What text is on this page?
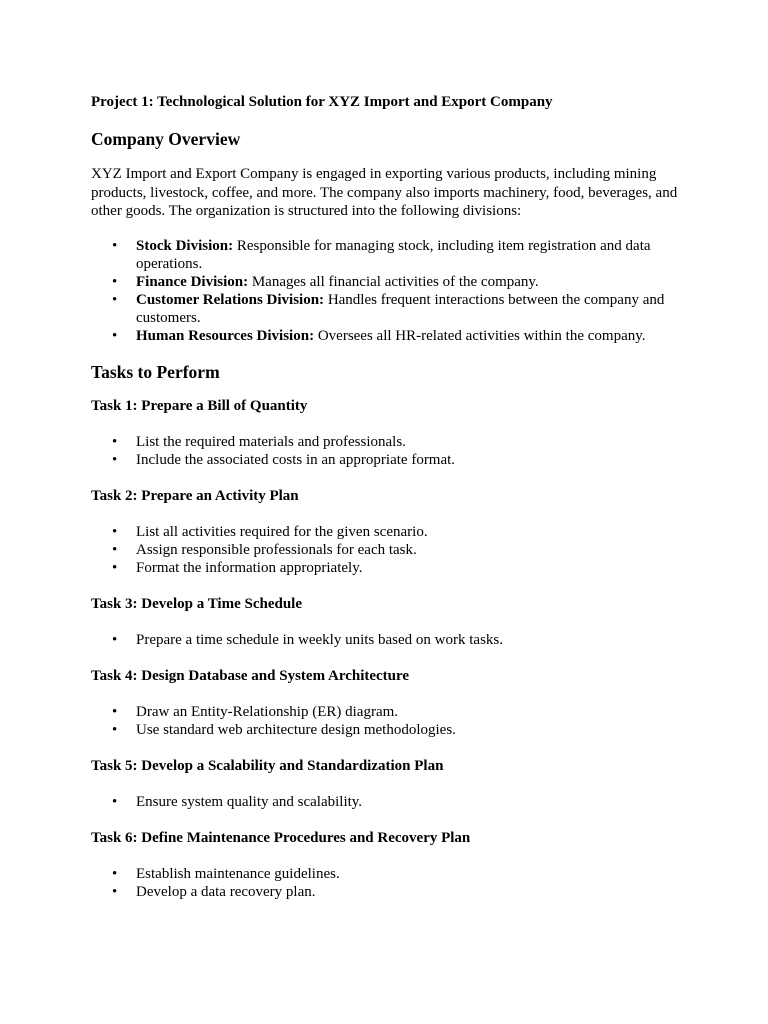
Project 1: Technological Solution for XYZ Import and Export Company
Company Overview
XYZ Import and Export Company is engaged in exporting various products, including mining products, livestock, coffee, and more. The company also imports machinery, food, beverages, and other goods. The organization is structured into the following divisions:
• Stock Division: Responsible for managing stock, including item registration and data operations.
• Finance Division: Manages all financial activities of the company.
• Customer Relations Division: Handles frequent interactions between the company and customers.
• Human Resources Division: Oversees all HR-related activities within the company.
Tasks to Perform
Task 1: Prepare a Bill of Quantity
• List the required materials and professionals.
• Include the associated costs in an appropriate format.
Task 2: Prepare an Activity Plan
• List all activities required for the given scenario.
• Assign responsible professionals for each task.
• Format the information appropriately.
Task 3: Develop a Time Schedule
• Prepare a time schedule in weekly units based on work tasks.
Task 4: Design Database and System Architecture
• Draw an Entity-Relationship (ER) diagram.
• Use standard web architecture design methodologies.
Task 5: Develop a Scalability and Standardization Plan
• Ensure system quality and scalability.
Task 6: Define Maintenance Procedures and Recovery Plan
• Establish maintenance guidelines.
• Develop a data recovery plan.
